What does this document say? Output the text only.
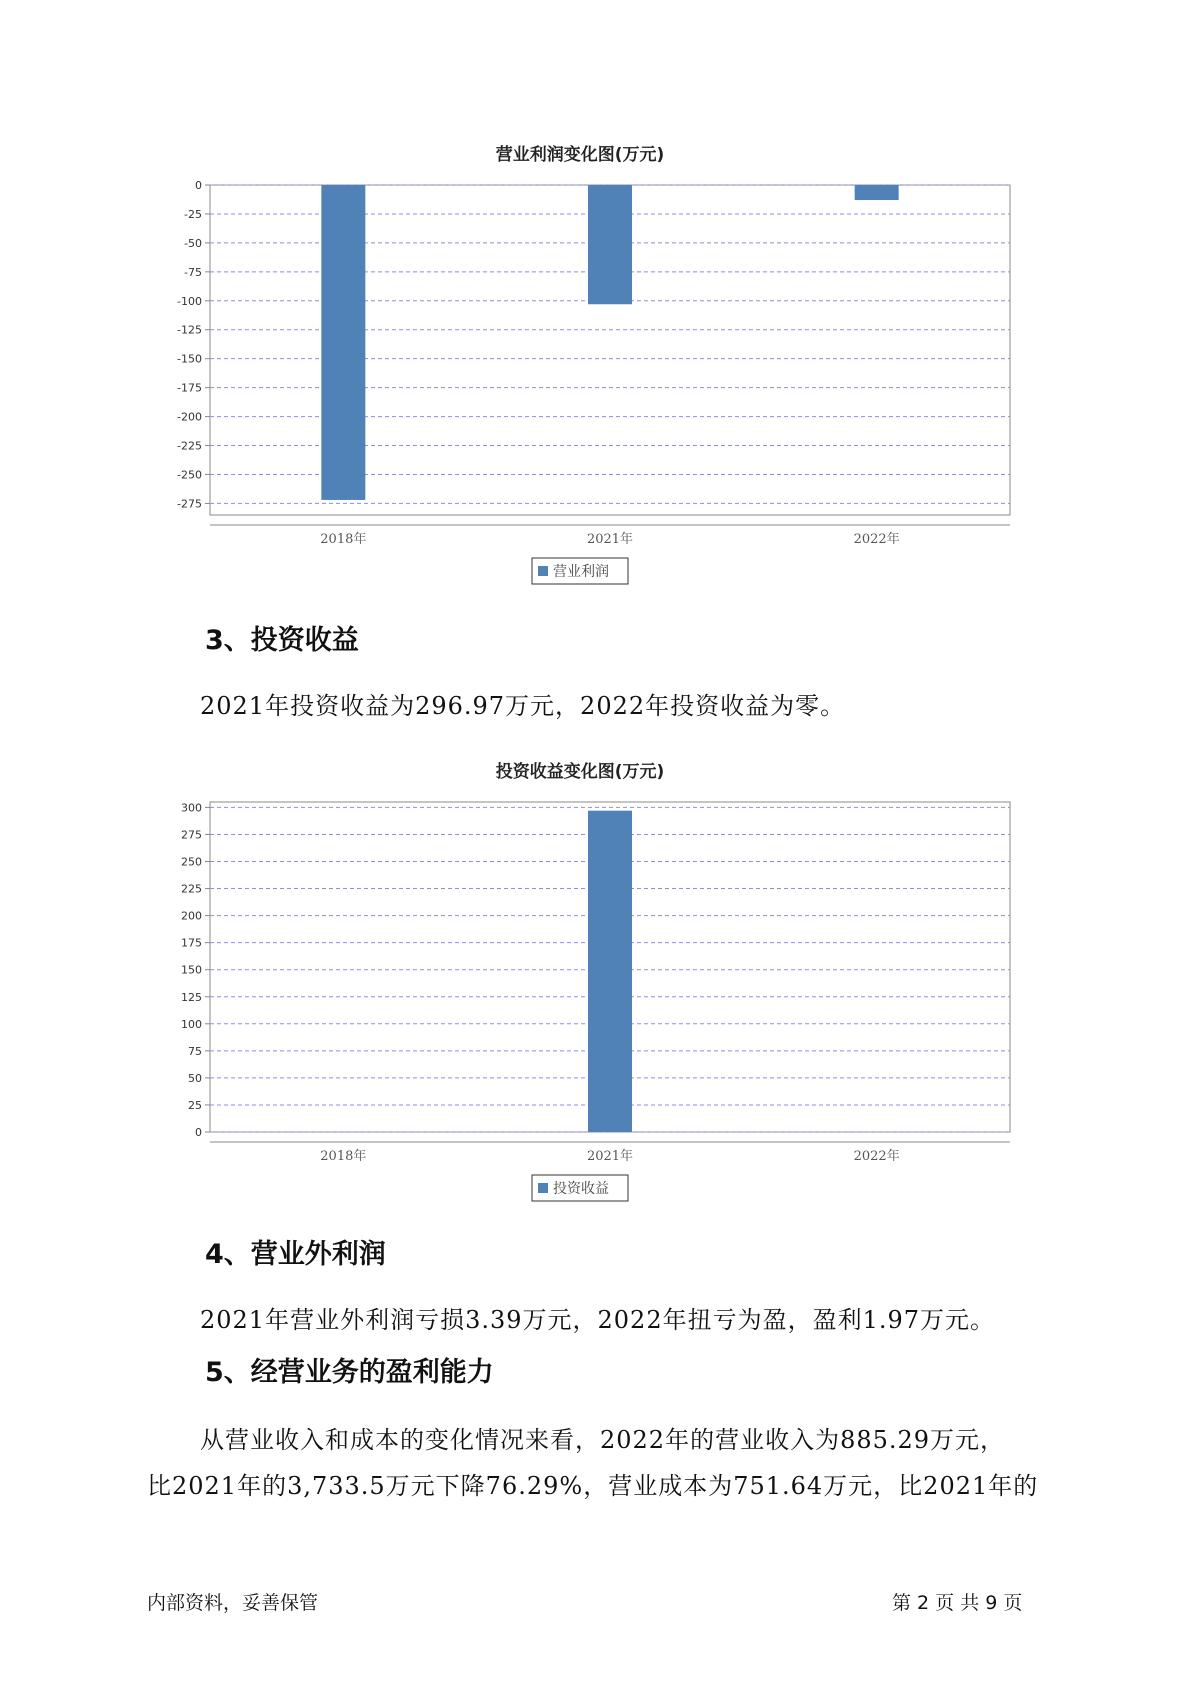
营业利润变化图(万元)
0
-25
-50
-75
-100
-125
-150
-175
-200
-225
-250
-275
2018年	2021年	2022年
营业利润
3、投资收益

2021年投资收益为296.97万元，2022年投资收益为零。

投资收益变化图(万元)
300
275
250
225
200
175
150
125
100
75
50
25
0
2018年	2021年	2022年
投资收益
4、营业外利润

2021年营业外利润亏损3.39万元，2022年扭亏为盈，盈利1.97万元。

5、经营业务的盈利能力

从营业收入和成本的变化情况来看，2022年的营业收入为885.29万元，

比2021年的3,733.5万元下降76.29%，营业成本为751.64万元，比2021年的

内部资料，妥善保管	第 2 页 共 9 页
